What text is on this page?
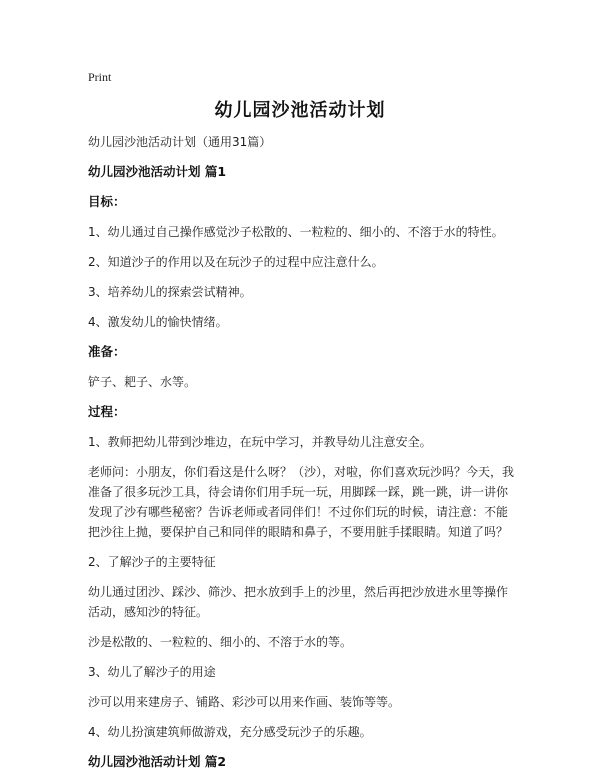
Print
幼儿园沙池活动计划

幼儿园沙池活动计划（通用31篇）

幼儿园沙池活动计划 篇1

目标：

1、幼儿通过自己操作感觉沙子松散的、一粒粒的、细小的、不溶于水的特性。

2、知道沙子的作用以及在玩沙子的过程中应注意什么。

3、培养幼儿的探索尝试精神。

4、激发幼儿的愉快情绪。

准备：

铲子、耙子、水等。

过程：

1、教师把幼儿带到沙堆边，在玩中学习，并教导幼儿注意安全。

老师问：小朋友，你们看这是什么呀？（沙），对啦，你们喜欢玩沙吗？今天，我准备了很多玩沙工具，待会请你们用手玩一玩，用脚踩一踩，跳一跳，讲一讲你发现了沙有哪些秘密？告诉老师或者同伴们！不过你们玩的时候，请注意：不能把沙往上抛，要保护自己和同伴的眼睛和鼻子，不要用脏手揉眼睛。知道了吗？

2、了解沙子的主要特征

幼儿通过团沙、踩沙、筛沙、把水放到手上的沙里，然后再把沙放进水里等操作活动，感知沙的特征。

沙是松散的、一粒粒的、细小的、不溶于水的等。

3、幼儿了解沙子的用途

沙可以用来建房子、铺路、彩沙可以用来作画、装饰等等。

4、幼儿扮演建筑师做游戏，充分感受玩沙子的乐趣。

幼儿园沙池活动计划 篇2
